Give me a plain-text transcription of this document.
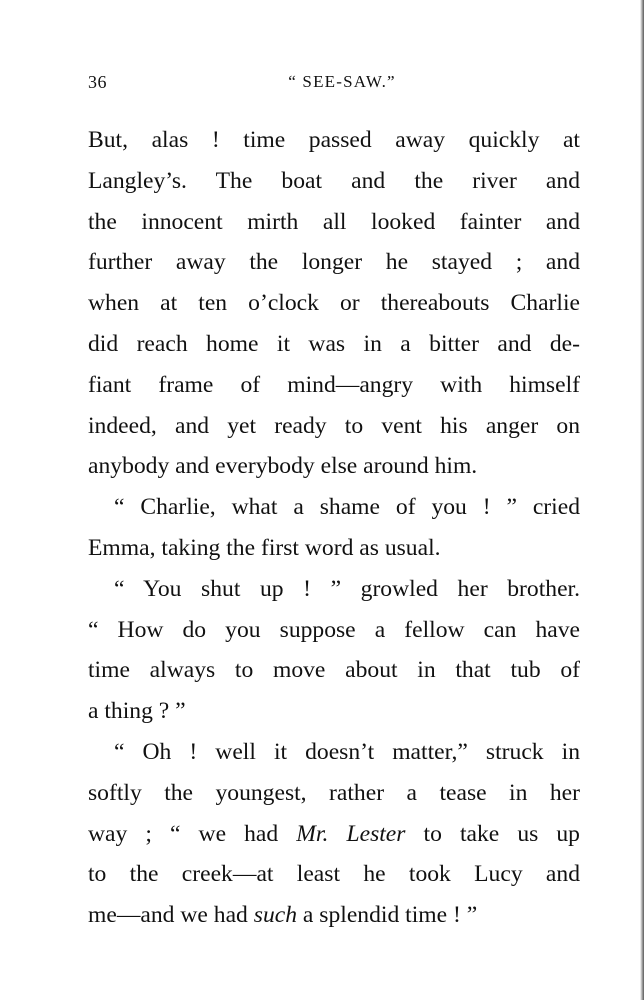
36	“ SEE-SAW.”

But, alas ! time passed away quickly at
Langley’s. The boat and the river and
the innocent mirth all looked fainter and
further away the longer he stayed ; and
when at ten o’clock or thereabouts Charlie
did reach home it was in a bitter and de-
fiant frame of mind—angry with himself
indeed, and yet ready to vent his anger on
anybody and everybody else around him.

“ Charlie, what a shame of you ! ” cried
Emma, taking the first word as usual.

“ You shut up ! ” growled her brother.
“ How do you suppose a fellow can have
time always to move about in that tub of
a thing ? ”

“ Oh ! well it doesn’t matter,” struck in
softly the youngest, rather a tease in her
way ; “ we had Mr. Lester to take us up
to the creek—at least he took Lucy and
me—and we had such a splendid time ! ”
